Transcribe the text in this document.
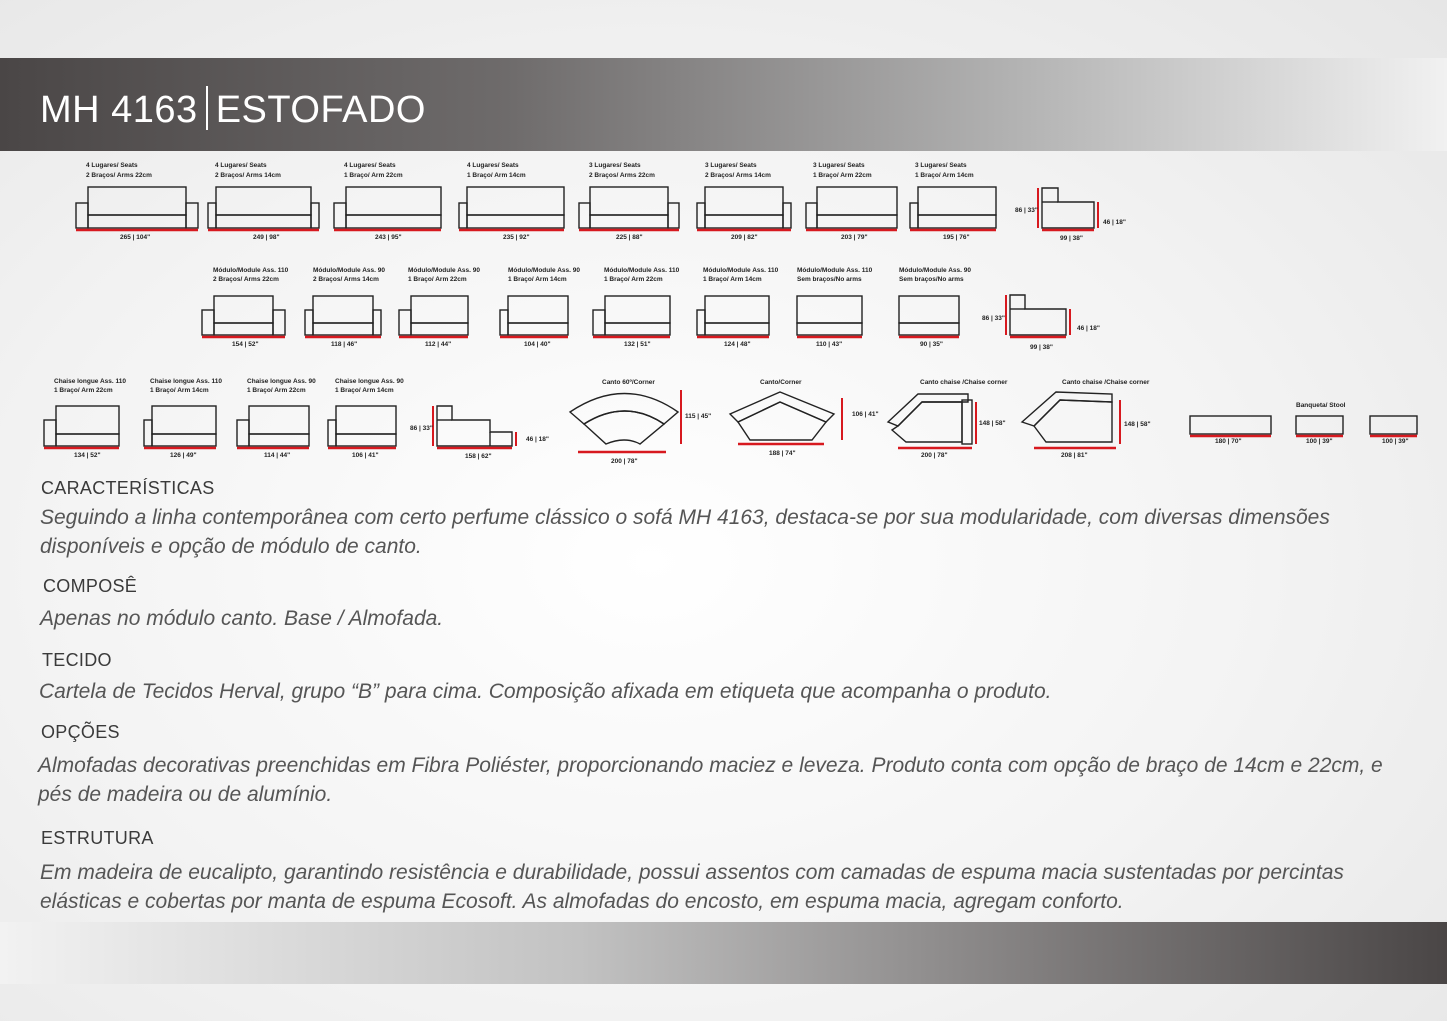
MH 4163 ESTOFADO
4 Lugares/ Seats
2 Braços/ Arms 22cm
265 | 104"
4 Lugares/ Seats
2 Braços/ Arms 14cm
249 | 98"
4 Lugares/ Seats
1 Braço/ Arm 22cm
243 | 95"
4 Lugares/ Seats
1 Braço/ Arm 14cm
235 | 92"
3 Lugares/ Seats
2 Braços/ Arms 22cm
225 | 88"
3 Lugares/ Seats
2 Braços/ Arms 14cm
209 | 82"
3 Lugares/ Seats
1 Braço/ Arm 22cm
203 | 79"
3 Lugares/ Seats
1 Braço/ Arm 14cm
195 | 76"
86 | 33"
46 | 18"
99 | 38"
Módulo/Module Ass. 110
2 Braços/ Arms 22cm
154 | 52"
Módulo/Module Ass. 90
2 Braços/ Arms 14cm
118 | 46"
Módulo/Module Ass. 90
1 Braço/ Arm 22cm
112 | 44"
Módulo/Module Ass. 90
1 Braço/ Arm 14cm
104 | 40"
Módulo/Module Ass. 110
1 Braço/ Arm 22cm
132 | 51"
Módulo/Module Ass. 110
1 Braço/ Arm 14cm
124 | 48"
Módulo/Module Ass. 110
Sem braços/No arms
110 | 43"
Módulo/Module Ass. 90
Sem braços/No arms
90 | 35"
86 | 33"
46 | 18"
99 | 38"
Chaise longue Ass. 110
1 Braço/ Arm 22cm
134 | 52"
Chaise longue Ass. 110
1 Braço/ Arm 14cm
126 | 49"
Chaise longue Ass. 90
1 Braço/ Arm 22cm
114 | 44"
Chaise longue Ass. 90
1 Braço/ Arm 14cm
106 | 41"
86 | 33"
46 | 18"
158 | 62"
Canto 60º/Corner
200 | 78"
115 | 45"
Canto/Corner
188 | 74"
106 | 41"
Canto chaise /Chaise corner
200 | 78"
148 | 58"
Canto chaise /Chaise corner
208 | 81"
148 | 58"
180 | 70"
Banqueta/ Stool
100 | 39"	100 | 39"
CARACTERÍSTICAS
Seguindo a linha contemporânea com certo perfume clássico o sofá MH 4163, destaca-se por sua modularidade, com diversas dimensões disponíveis e opção de módulo de canto.
COMPOSÊ
Apenas no módulo canto. Base / Almofada.
TECIDO
Cartela de Tecidos Herval, grupo “B” para cima. Composição afixada em etiqueta que acompanha o produto.
OPÇÕES
Almofadas decorativas preenchidas em Fibra Poliéster, proporcionando maciez e leveza. Produto conta com opção de braço de 14cm e 22cm, e pés de madeira ou de alumínio.
ESTRUTURA
Em madeira de eucalipto, garantindo resistência e durabilidade, possui assentos com camadas de espuma macia sustentadas por percintas elásticas e cobertas por manta de espuma Ecosoft. As almofadas do encosto, em espuma macia, agregam conforto.
